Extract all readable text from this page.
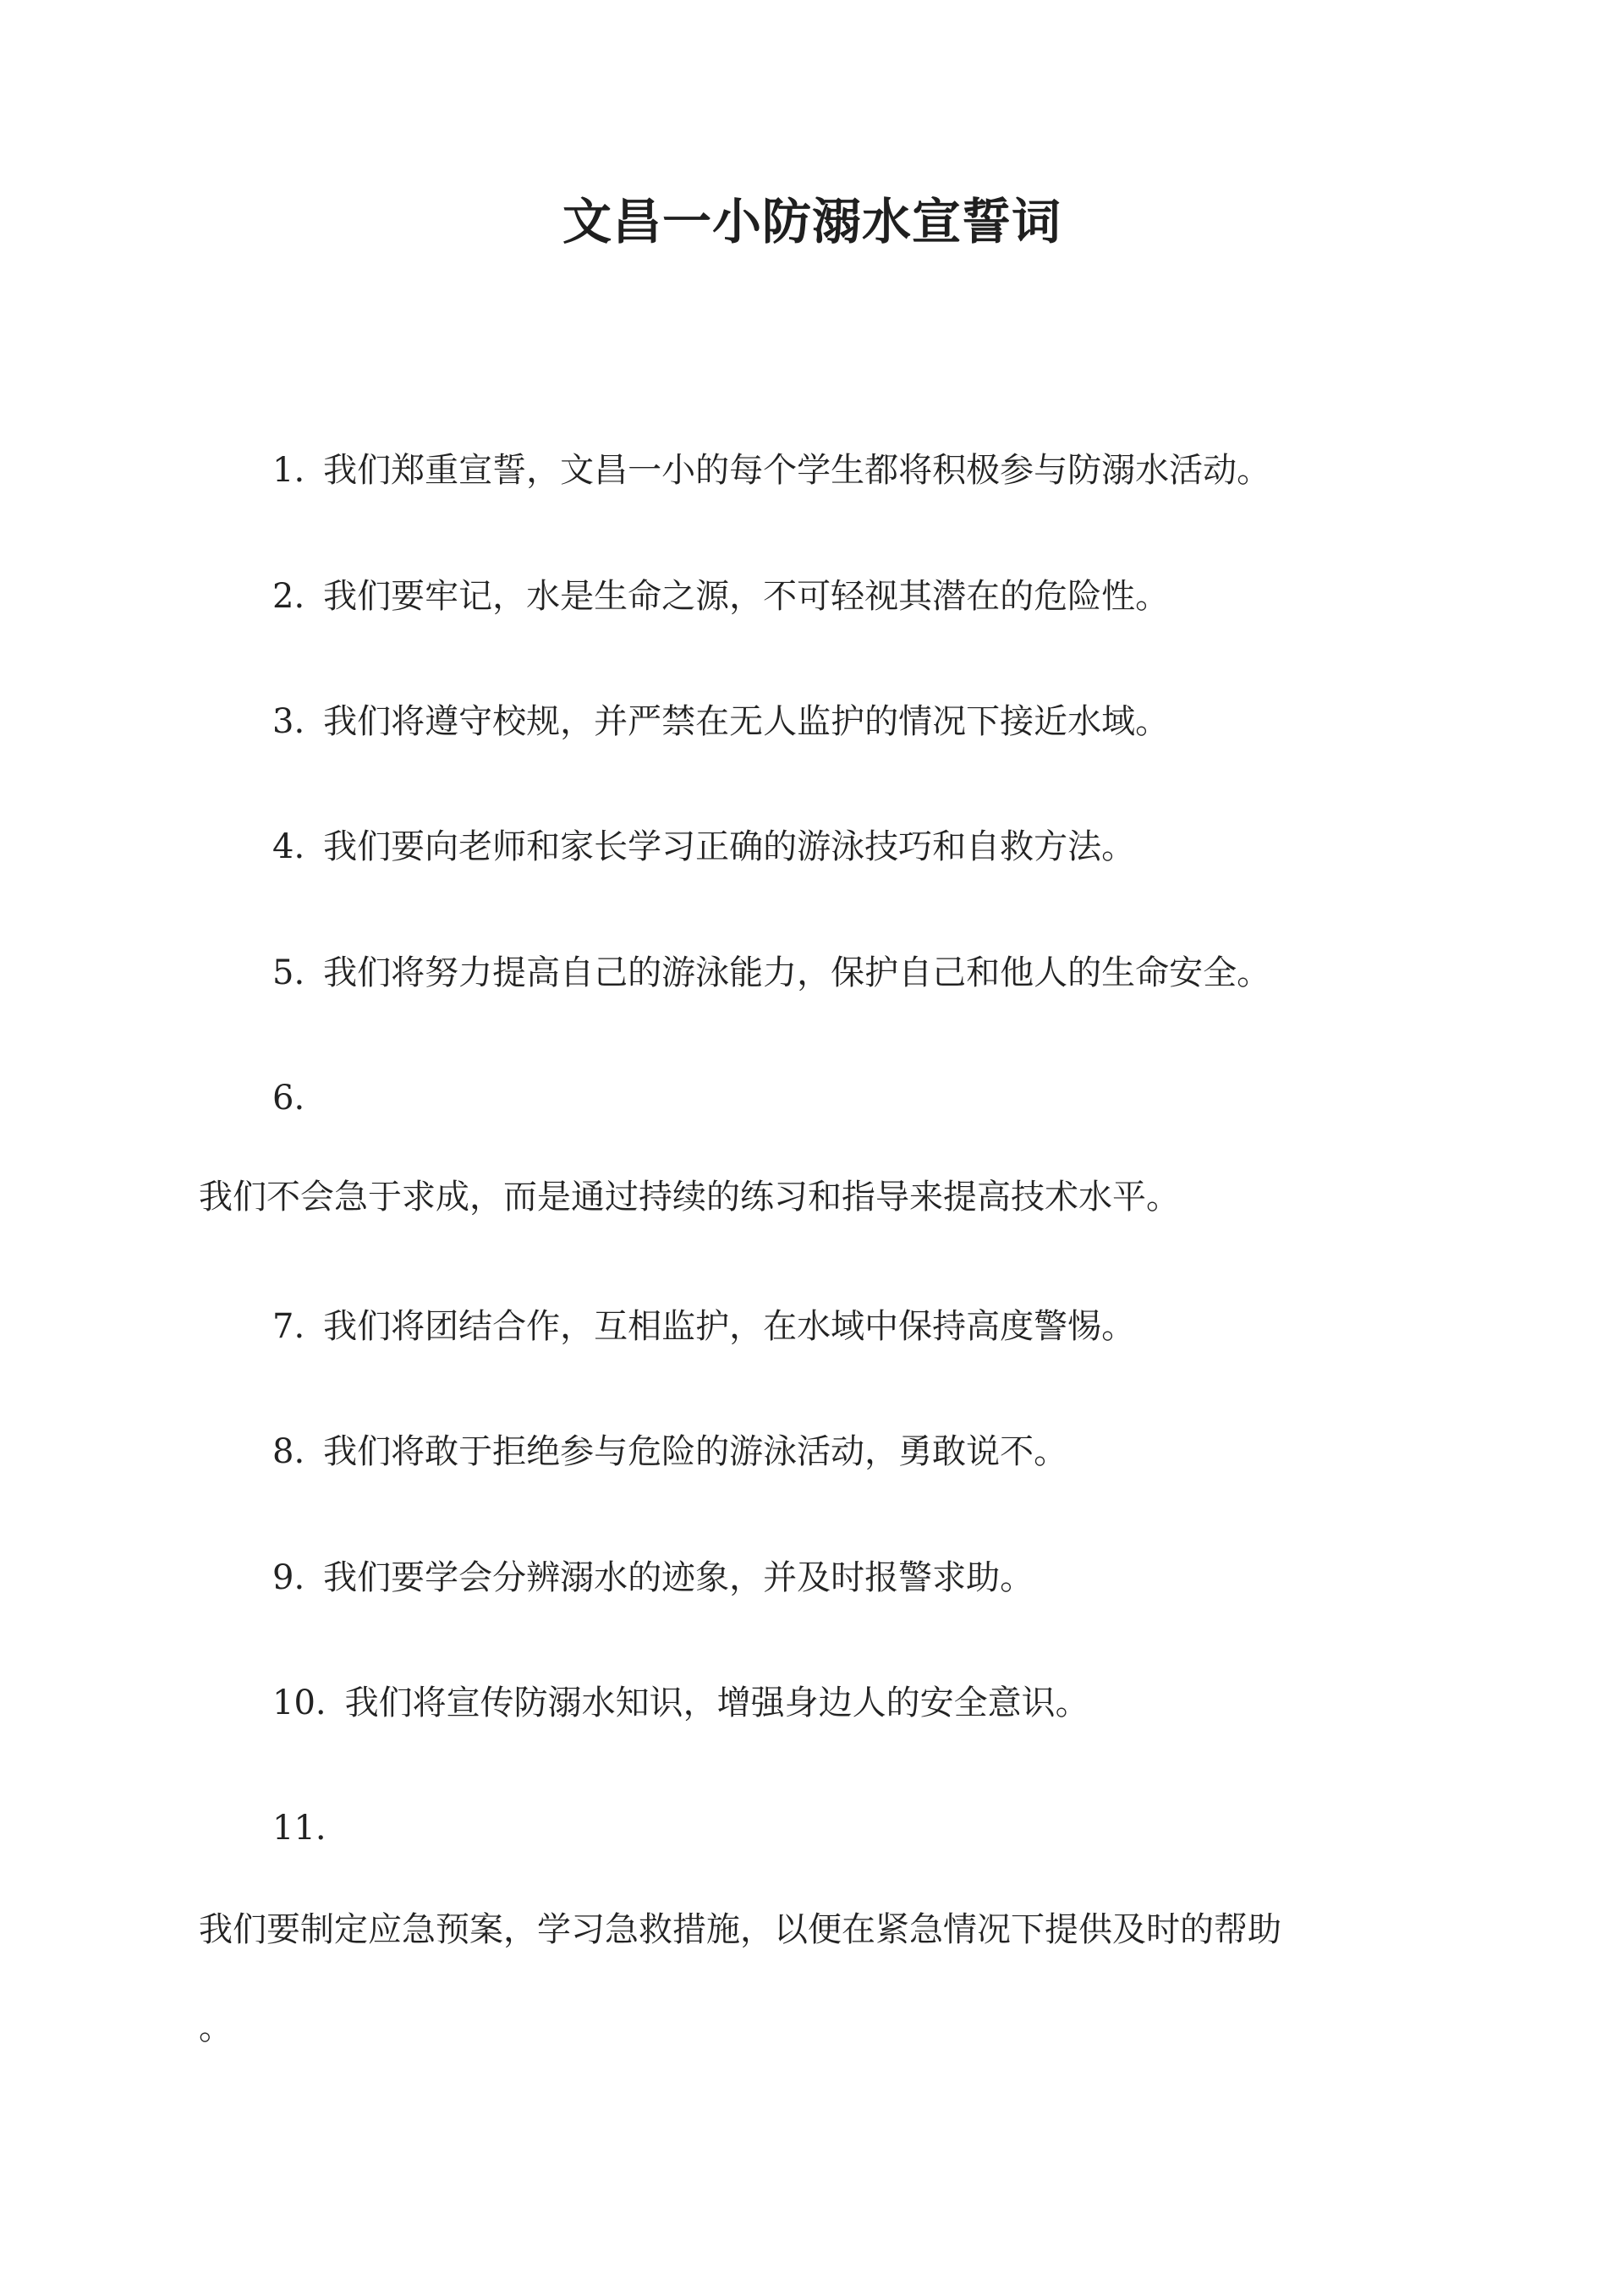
文昌一小防溺水宣誓词
1. 我们郑重宣誓，文昌一小的每个学生都将积极参与防溺水活动。
2. 我们要牢记，水是生命之源，不可轻视其潜在的危险性。
3. 我们将遵守校规，并严禁在无人监护的情况下接近水域。
4. 我们要向老师和家长学习正确的游泳技巧和自救方法。
5. 我们将努力提高自己的游泳能力，保护自己和他人的生命安全。
6.
我们不会急于求成，而是通过持续的练习和指导来提高技术水平。
7. 我们将团结合作，互相监护，在水域中保持高度警惕。
8. 我们将敢于拒绝参与危险的游泳活动，勇敢说不。
9. 我们要学会分辨溺水的迹象，并及时报警求助。
10. 我们将宣传防溺水知识，增强身边人的安全意识。
11.
我们要制定应急预案，学习急救措施，以便在紧急情况下提供及时的帮助
。
